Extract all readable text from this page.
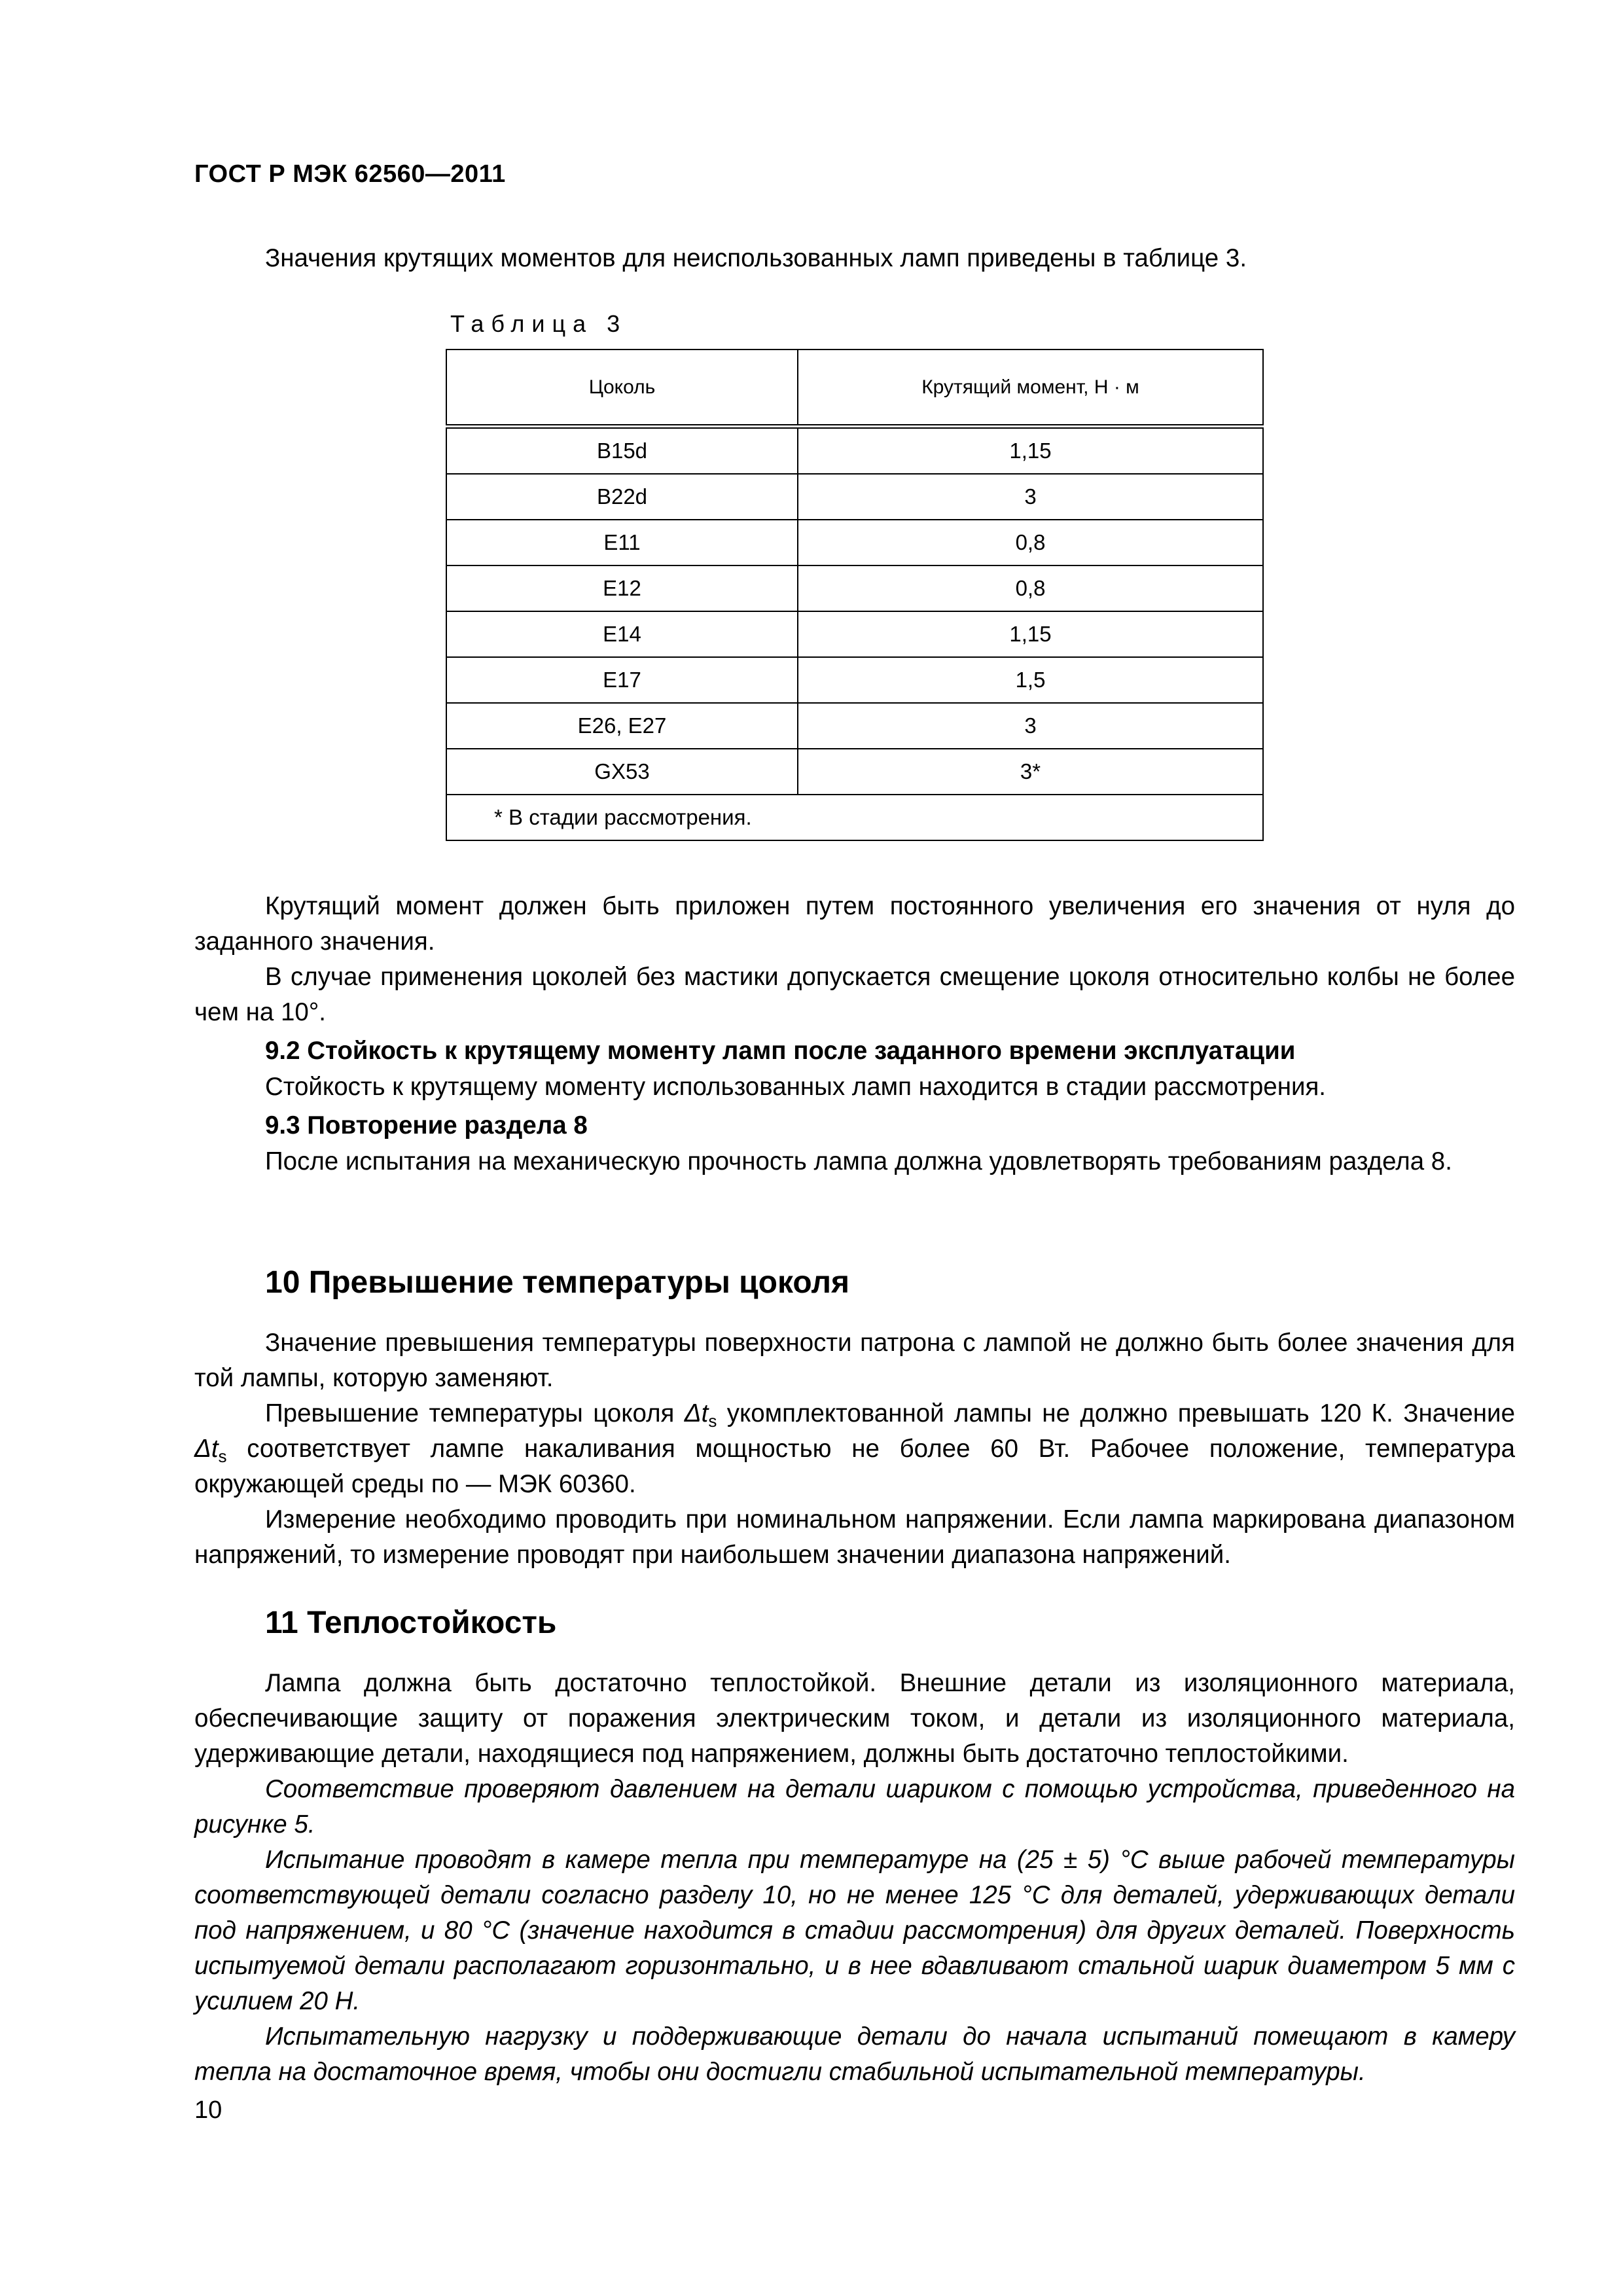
ГОСТ Р МЭК 62560—2011

Значения крутящих моментов для неиспользованных ламп приведены в таблице 3.

Таблица 3
Цоколь	Крутящий момент, Н · м
B15d	1,15
B22d	3
E11	0,8
E12	0,8
E14	1,15
E17	1,5
E26, E27	3
GX53	3*
* В стадии рассмотрения.	

Крутящий момент должен быть приложен путем постоянного увеличения его значения от нуля до заданного значения.

В случае применения цоколей без мастики допускается смещение цоколя относительно колбы не более чем на 10°.

9.2 Стойкость к крутящему моменту ламп после заданного времени эксплуатации

Стойкость к крутящему моменту использованных ламп находится в стадии рассмотрения.

9.3 Повторение раздела 8

После испытания на механическую прочность лампа должна удовлетворять требованиям раздела 8.

10 Превышение температуры цоколя

Значение превышения температуры поверхности патрона с лампой не должно быть более значения для той лампы, которую заменяют.

Превышение температуры цоколя $\Delta t_s$ укомплектованной лампы не должно превышать 120 К. Значение $\Delta t_s$ соответствует лампе накаливания мощностью не более 60 Вт. Рабочее положение, температура окружающей среды по — МЭК 60360.

Измерение необходимо проводить при номинальном напряжении. Если лампа маркирована диапазоном напряжений, то измерение проводят при наибольшем значении диапазона напряжений.

11 Теплостойкость

Лампа должна быть достаточно теплостойкой. Внешние детали из изоляционного материала, обеспечивающие защиту от поражения электрическим током, и детали из изоляционного материала, удерживающие детали, находящиеся под напряжением, должны быть достаточно теплостойкими.

Соответствие проверяют давлением на детали шариком с помощью устройства, приведенного на рисунке 5.

Испытание проводят в камере тепла при температуре на (25 ± 5) °С выше рабочей температуры соответствующей детали согласно разделу 10, но не менее 125 °С для деталей, удерживающих детали под напряжением, и 80 °С (значение находится в стадии рассмотрения) для других деталей. Поверхность испытуемой детали располагают горизонтально, и в нее вдавливают стальной шарик диаметром 5 мм с усилием 20 Н.

Испытательную нагрузку и поддерживающие детали до начала испытаний помещают в камеру тепла на достаточное время, чтобы они достигли стабильной испытательной температуры.

10
